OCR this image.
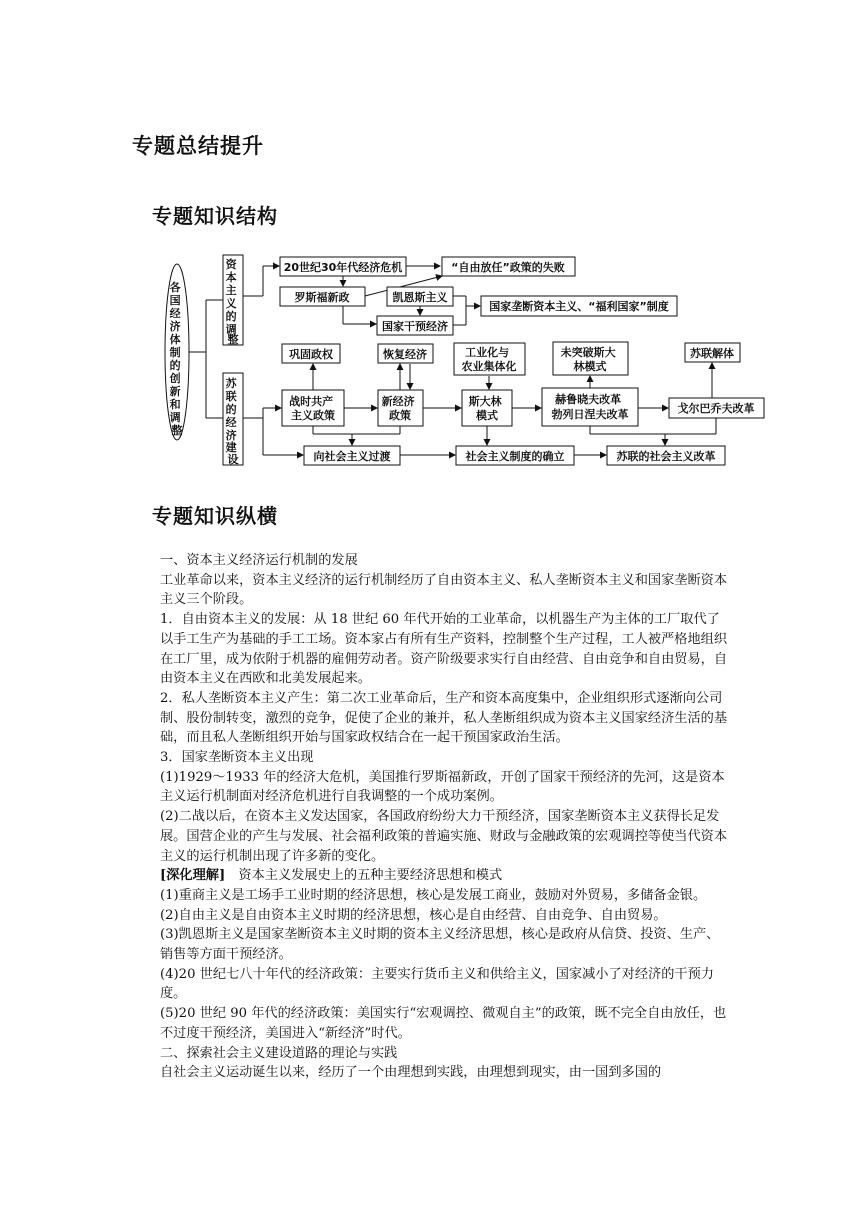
专题总结提升
专题知识结构
专题知识纵横
各 国 经 济 体 制 的 创 新 和 调 整
资 本 主 义 的 调 整
苏 联 的 经 济 建 设
20世纪30年代经济危机	“自由放任”政策的失败
罗斯福新政	凯恩斯主义
国家干预经济
国家垄断资本主义、“福利国家”制度
巩固政权	恢复经济	工业化与 农业集体化
未突破斯大 林模式
苏联解体
战时共产 主义政策
新经济 政策
斯大林 模式
赫鲁晓夫改革 勃列日涅夫改革	戈尔巴乔夫改革
向社会主义过渡	社会主义制度的确立	苏联的社会主义改革

一、资本主义经济运行机制的发展

工业革命以来，资本主义经济的运行机制经历了自由资本主义、私人垄断资本主义和国家垄断资本主义三个阶段。

1．自由资本主义的发展：从 18 世纪 60 年代开始的工业革命，以机器生产为主体的工厂取代了以手工生产为基础的手工工场。资本家占有所有生产资料，控制整个生产过程，工人被严格地组织在工厂里，成为依附于机器的雇佣劳动者。资产阶级要求实行自由经营、自由竞争和自由贸易，自由资本主义在西欧和北美发展起来。

2．私人垄断资本主义产生：第二次工业革命后，生产和资本高度集中，企业组织形式逐渐向公司制、股份制转变，激烈的竞争，促使了企业的兼并，私人垄断组织成为资本主义国家经济生活的基础，而且私人垄断组织开始与国家政权结合在一起干预国家政治生活。

3．国家垄断资本主义出现

(1)1929～1933 年的经济大危机，美国推行罗斯福新政，开创了国家干预经济的先河，这是资本主义运行机制面对经济危机进行自我调整的一个成功案例。

(2)二战以后，在资本主义发达国家，各国政府纷纷大力干预经济，国家垄断资本主义获得长足发展。国营企业的产生与发展、社会福利政策的普遍实施、财政与金融政策的宏观调控等使当代资本主义的运行机制出现了许多新的变化。

[深化理解]　资本主义发展史上的五种主要经济思想和模式

(1)重商主义是工场手工业时期的经济思想，核心是发展工商业，鼓励对外贸易，多储备金银。

(2)自由主义是自由资本主义时期的经济思想，核心是自由经营、自由竞争、自由贸易。

(3)凯恩斯主义是国家垄断资本主义时期的资本主义经济思想，核心是政府从信贷、投资、生产、销售等方面干预经济。

(4)20 世纪七八十年代的经济政策：主要实行货币主义和供给主义，国家减小了对经济的干预力度。

(5)20 世纪 90 年代的经济政策：美国实行“宏观调控、微观自主”的政策，既不完全自由放任，也不过度干预经济，美国进入“新经济”时代。

二、探索社会主义建设道路的理论与实践

自社会主义运动诞生以来，经历了一个由理想到实践，由理想到现实，由一国到多国的
